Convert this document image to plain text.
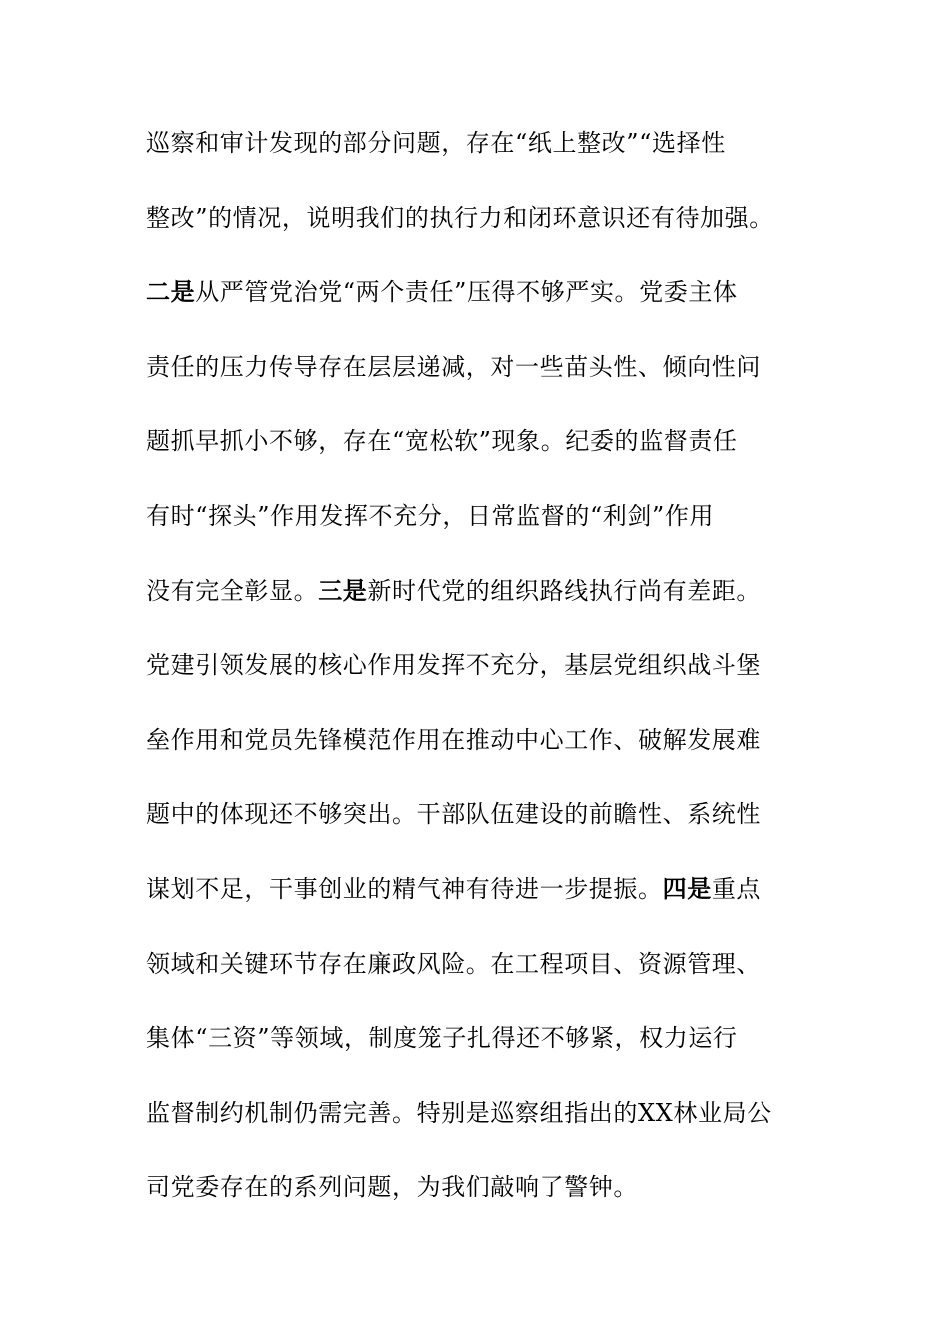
巡察和审计发现的部分问题，存在“纸上整改”“选择性
整改”的情况，说明我们的执行力和闭环意识还有待加强。
二是从严管党治党“两个责任”压得不够严实。党委主体
责任的压力传导存在层层递减，对一些苗头性、倾向性问
题抓早抓小不够，存在“宽松软”现象。纪委的监督责任
有时“探头”作用发挥不充分，日常监督的“利剑”作用
没有完全彰显。三是新时代党的组织路线执行尚有差距。
党建引领发展的核心作用发挥不充分，基层党组织战斗堡
垒作用和党员先锋模范作用在推动中心工作、破解发展难
题中的体现还不够突出。干部队伍建设的前瞻性、系统性
谋划不足，干事创业的精气神有待进一步提振。四是重点
领域和关键环节存在廉政风险。在工程项目、资源管理、
集体“三资”等领域，制度笼子扎得还不够紧，权力运行
监督制约机制仍需完善。特别是巡察组指出的XX林业局公
司党委存在的系列问题，为我们敲响了警钟。
